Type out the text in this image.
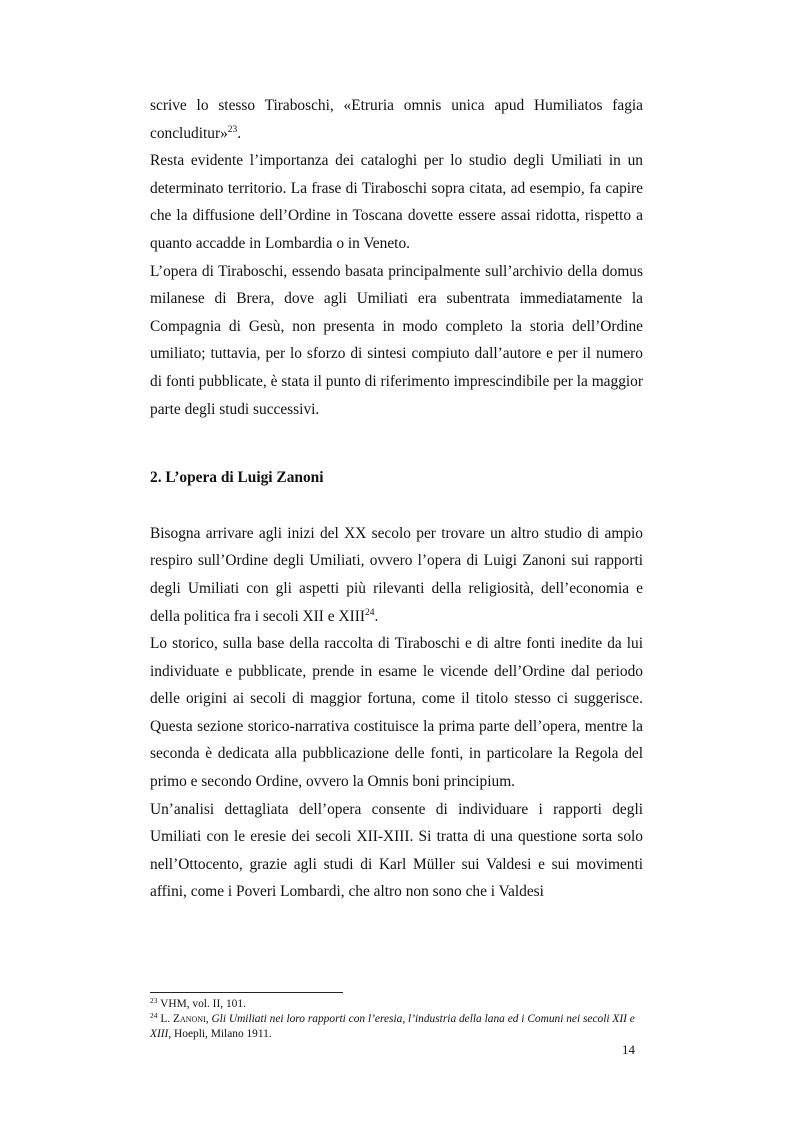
scrive lo stesso Tiraboschi, «Etruria omnis unica apud Humiliatos fagia concluditur»$^{23}$.

Resta evidente l’importanza dei cataloghi per lo studio degli Umiliati in un determinato territorio. La frase di Tiraboschi sopra citata, ad esempio, fa capire che la diffusione dell’Ordine in Toscana dovette essere assai ridotta, rispetto a quanto accadde in Lombardia o in Veneto.

L’opera di Tiraboschi, essendo basata principalmente sull’archivio della domus milanese di Brera, dove agli Umiliati era subentrata immediatamente la Compagnia di Gesù, non presenta in modo completo la storia dell’Ordine umiliato; tuttavia, per lo sforzo di sintesi compiuto dall’autore e per il numero di fonti pubblicate, è stata il punto di riferimento imprescindibile per la maggior parte degli studi successivi.

2. L’opera di Luigi Zanoni

Bisogna arrivare agli inizi del XX secolo per trovare un altro studio di ampio respiro sull’Ordine degli Umiliati, ovvero l’opera di Luigi Zanoni sui rapporti degli Umiliati con gli aspetti più rilevanti della religiosità, dell’economia e della politica fra i secoli XII e XIII$^{24}$.

Lo storico, sulla base della raccolta di Tiraboschi e di altre fonti inedite da lui individuate e pubblicate, prende in esame le vicende dell’Ordine dal periodo delle origini ai secoli di maggior fortuna, come il titolo stesso ci suggerisce. Questa sezione storico-narrativa costituisce la prima parte dell’opera, mentre la seconda è dedicata alla pubblicazione delle fonti, in particolare la Regola del primo e secondo Ordine, ovvero la Omnis boni principium.

Un’analisi dettagliata dell’opera consente di individuare i rapporti degli Umiliati con le eresie dei secoli XII-XIII. Si tratta di una questione sorta solo nell’Ottocento, grazie agli studi di Karl Müller sui Valdesi e sui movimenti affini, come i Poveri Lombardi, che altro non sono che i Valdesi

$^{23}$ VHM, vol. II, 101.

$^{24}$ L. Zanoni, Gli Umiliati nei loro rapporti con l’eresia, l’industria della lana ed i Comuni nei secoli XII e XIII, Hoepli, Milano 1911.

14
